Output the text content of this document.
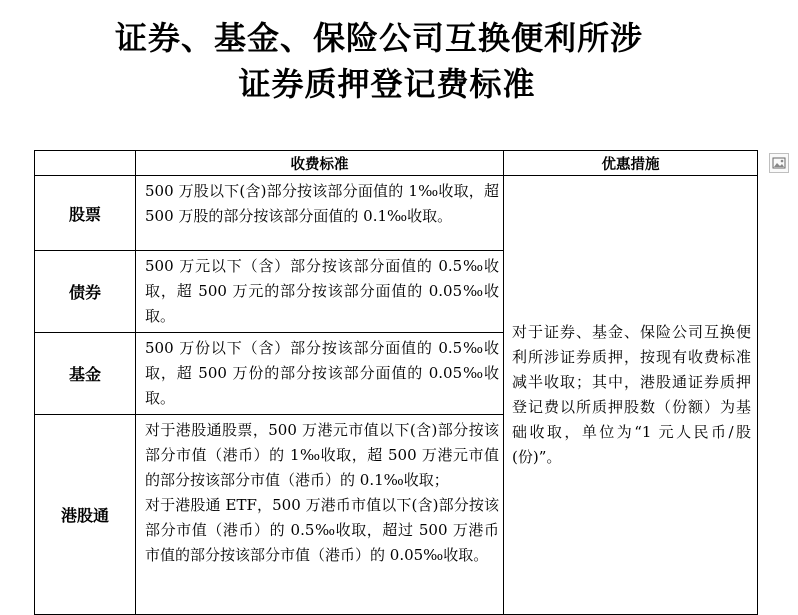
证券、基金、保险公司互换便利所涉
证券质押登记费标准
	收费标准	优惠措施
股票	500 万股以下(含)部分按该部分面值的 1‰收取，超 500 万股的部分按该部分面值的 0.1‰收取。	对于证券、基金、保险公司互换便利所涉证券质押，按现有收费标准减半收取；其中，港股通证券质押登记费以所质押股数（份额）为基础收取，单位为“1 元人民币/股(份)”。

债券	500 万元以下（含）部分按该部分面值的 0.5‰收取，超 500 万元的部分按该部分面值的 0.05‰收取。	

基金	500 万份以下（含）部分按该部分面值的 0.5‰收取，超 500 万份的部分按该部分面值的 0.05‰收取。	

港股通	对于港股通股票，500 万港元市值以下(含)部分按该部分市值（港币）的 1‰收取，超 500 万港元市值的部分按该部分市值（港币）的 0.1‰收取；
对于港股通 ETF，500 万港币市值以下(含)部分按该部分市值（港币）的 0.5‰收取，超过 500 万港币市值的部分按该部分市值（港币）的 0.05‰收取。	
